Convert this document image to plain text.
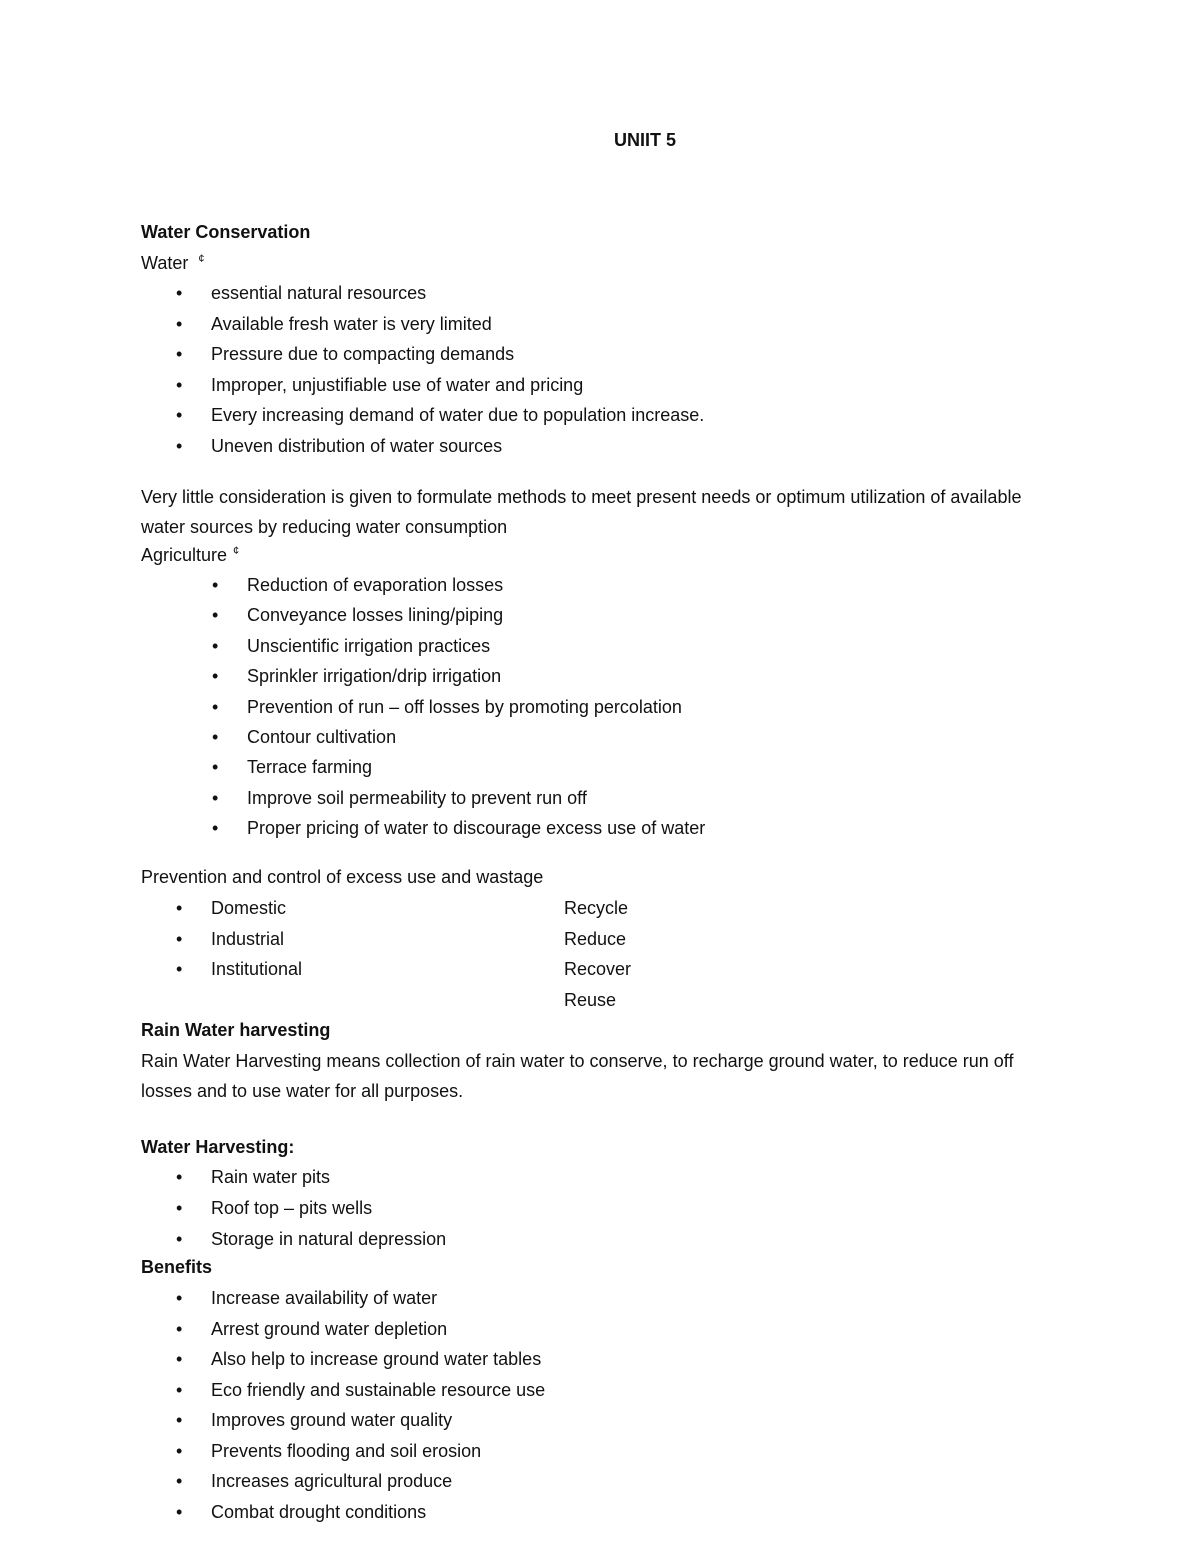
UNIIT 5
Water Conservation
Water ¢
• essential natural resources
• Available fresh water is very limited
• Pressure due to compacting demands
• Improper, unjustifiable use of water and pricing
• Every increasing demand of water due to population increase.
• Uneven distribution of water sources
Very little consideration is given to formulate methods to meet present needs or optimum utilization of available water sources by reducing water consumption
Agriculture ¢
• Reduction of evaporation losses
• Conveyance losses lining/piping
• Unscientific irrigation practices
• Sprinkler irrigation/drip irrigation
• Prevention of run – off losses by promoting percolation
• Contour cultivation
• Terrace farming
• Improve soil permeability to prevent run off
• Proper pricing of water to discourage excess use of water
Prevention and control of excess use and wastage
• Domestic
• Industrial
• Institutional
Recycle
Reduce
Recover
Reuse
Rain Water harvesting
Rain Water Harvesting means collection of rain water to conserve, to recharge ground water, to reduce run off losses and to use water for all purposes.
Water Harvesting:
• Rain water pits
• Roof top – pits wells
• Storage in natural depression
Benefits
• Increase availability of water
• Arrest ground water depletion
• Also help to increase ground water tables
• Eco friendly and sustainable resource use
• Improves ground water quality
• Prevents flooding and soil erosion
• Increases agricultural produce
• Combat drought conditions
